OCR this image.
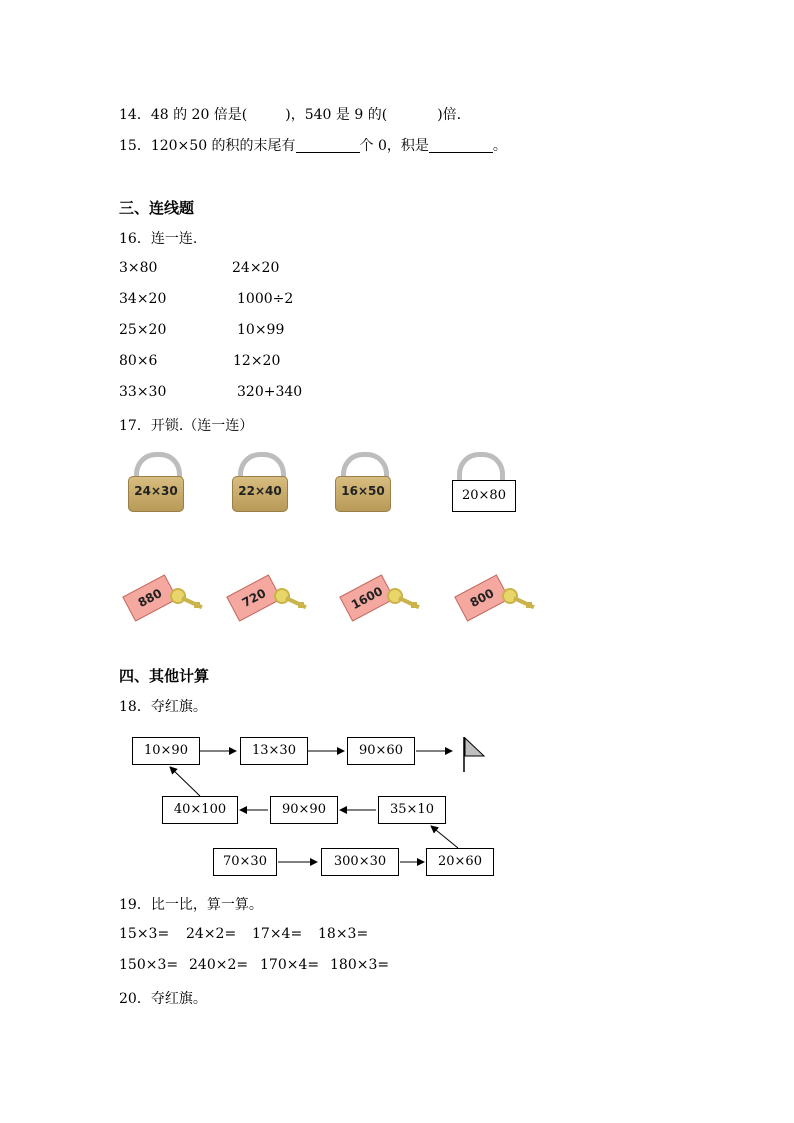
14．48 的 20 倍是(	)，540 是 9 的(	)倍.
15．120×50 的积的末尾有	个 0，积是	。
三、连线题
16．连一连.
3×80	24×20
34×20	1000÷2
25×20	10×99
80×6	12×20
33×30	320+340
17．开锁.（连一连）
24×30	22×40	16×50	20×80
880	720	1600	800
四、其他计算
18．夺红旗。
10×90	13×30	90×60
40×100	90×90	35×10
70×30	300×30	20×60
19．比一比，算一算。
15×3= 24×2= 17×4= 18×3=
150×3= 240×2= 170×4= 180×3=
20．夺红旗。
